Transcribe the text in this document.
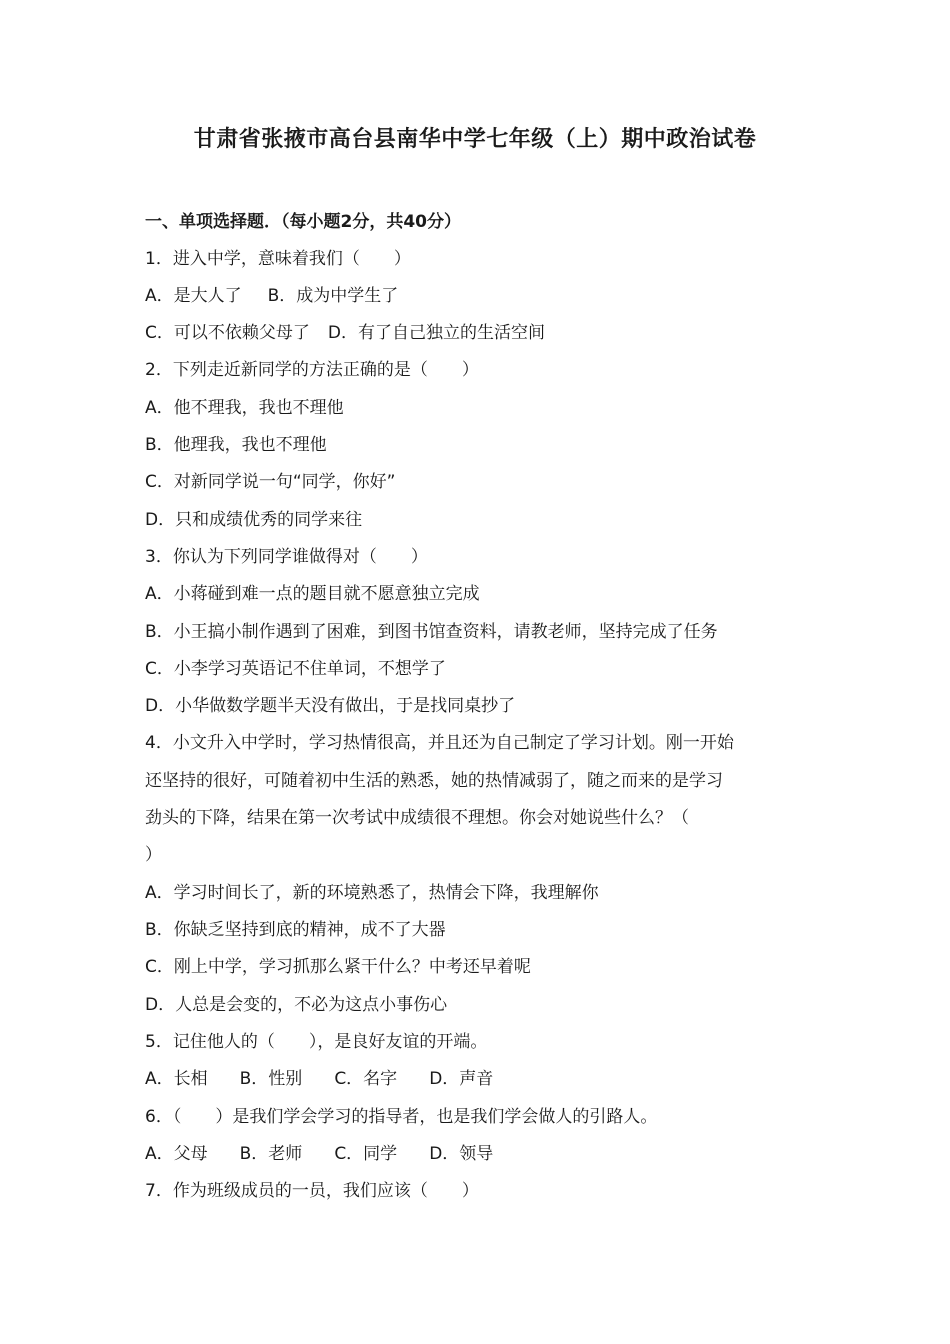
甘肃省张掖市高台县南华中学七年级（上）期中政治试卷
一、单项选择题．（每小题2分，共40分）
1．进入中学，意味着我们（　　）
A．是大人了 B．成为中学生了
C．可以不依赖父母了 D．有了自己独立的生活空间
2．下列走近新同学的方法正确的是（　　）
A．他不理我，我也不理他
B．他理我，我也不理他
C．对新同学说一句“同学，你好”
D．只和成绩优秀的同学来往
3．你认为下列同学谁做得对（　　）
A．小蒋碰到难一点的题目就不愿意独立完成
B．小王搞小制作遇到了困难，到图书馆查资料，请教老师，坚持完成了任务
C．小李学习英语记不住单词，不想学了
D．小华做数学题半天没有做出，于是找同桌抄了
4．小文升入中学时，学习热情很高，并且还为自己制定了学习计划。刚一开始
还坚持的很好，可随着初中生活的熟悉，她的热情减弱了，随之而来的是学习
劲头的下降，结果在第一次考试中成绩很不理想。你会对她说些什么？（
）
A．学习时间长了，新的环境熟悉了，热情会下降，我理解你
B．你缺乏坚持到底的精神，成不了大器
C．刚上中学，学习抓那么紧干什么？中考还早着呢
D．人总是会变的，不必为这点小事伤心
5．记住他人的（　　），是良好友谊的开端。
A．长相 B．性别 C．名字 D．声音
6．（　　）是我们学会学习的指导者，也是我们学会做人的引路人。
A．父母 B．老师 C．同学 D．领导
7．作为班级成员的一员，我们应该（　　）
